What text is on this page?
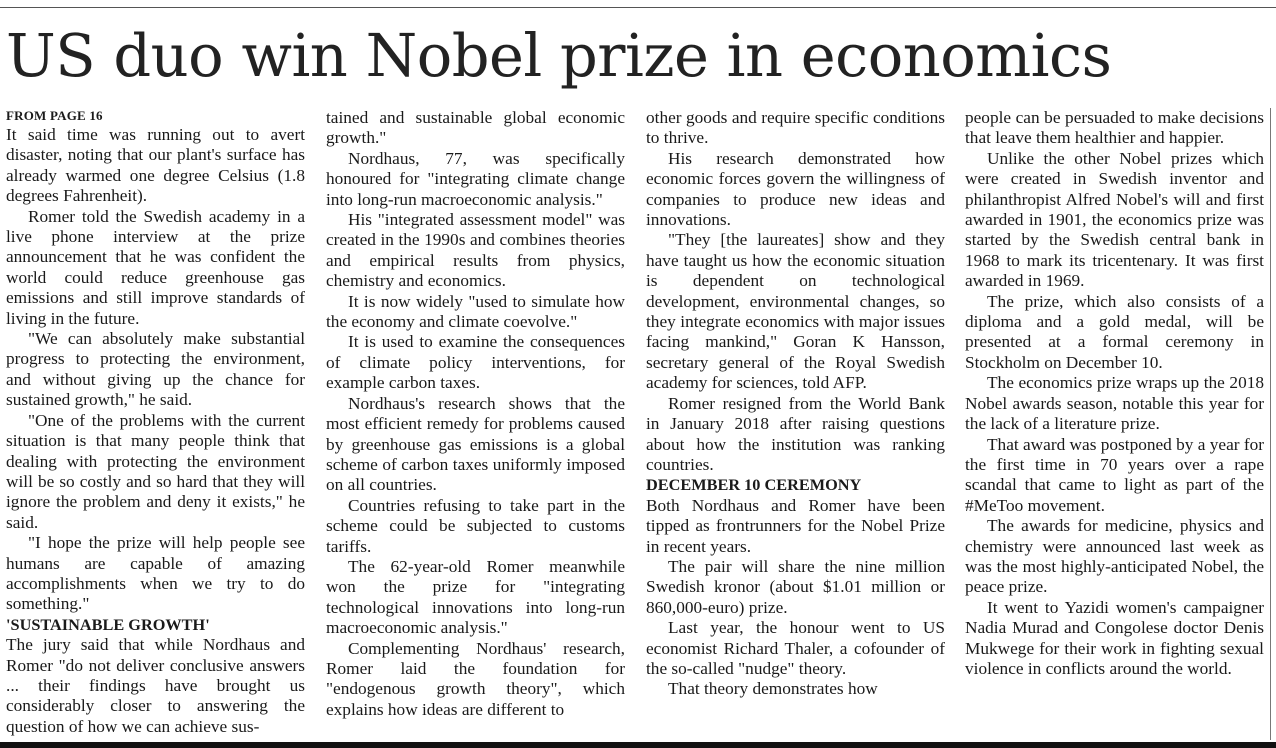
US duo win Nobel prize in economics

FROM PAGE 16

It said time was running out to avert disaster, noting that our plant's surface has already warmed one degree Celsius (1.8 degrees Fahrenheit).

Romer told the Swedish academy in a live phone interview at the prize announcement that he was confident the world could reduce greenhouse gas emissions and still improve standards of living in the future.

"We can absolutely make substantial progress to protecting the environment, and without giving up the chance for sustained growth," he said.

"One of the problems with the current situation is that many people think that dealing with protecting the environment will be so costly and so hard that they will ignore the problem and deny it exists," he said.

"I hope the prize will help people see humans are capable of amazing accomplishments when we try to do something."

'SUSTAINABLE GROWTH'

The jury said that while Nordhaus and Romer "do not deliver conclusive answers ... their findings have brought us considerably closer to answering the question of how we can achieve sus-

tained and sustainable global economic growth."

Nordhaus, 77, was specifically honoured for "integrating climate change into long-run macroeconomic analysis."

His "integrated assessment model" was created in the 1990s and combines theories and empirical results from physics, chemistry and economics.

It is now widely "used to simulate how the economy and climate coevolve."

It is used to examine the consequences of climate policy interventions, for example carbon taxes.

Nordhaus's research shows that the most efficient remedy for problems caused by greenhouse gas emissions is a global scheme of carbon taxes uniformly imposed on all countries.

Countries refusing to take part in the scheme could be subjected to customs tariffs.

The 62-year-old Romer meanwhile won the prize for "integrating technological innovations into long-run macroeconomic analysis."

Complementing Nordhaus' research, Romer laid the foundation for "endogenous growth theory", which explains how ideas are different to

other goods and require specific conditions to thrive.

His research demonstrated how economic forces govern the willingness of companies to produce new ideas and innovations.

"They [the laureates] show and they have taught us how the economic situation is dependent on technological development, environmental changes, so they integrate economics with major issues facing mankind," Goran K Hansson, secretary general of the Royal Swedish academy for sciences, told AFP.

Romer resigned from the World Bank in January 2018 after raising questions about how the institution was ranking countries.

DECEMBER 10 CEREMONY

Both Nordhaus and Romer have been tipped as frontrunners for the Nobel Prize in recent years.

The pair will share the nine million Swedish kronor (about $1.01 million or 860,000-euro) prize.

Last year, the honour went to US economist Richard Thaler, a cofounder of the so-called "nudge" theory.

That theory demonstrates how

people can be persuaded to make decisions that leave them healthier and happier.

Unlike the other Nobel prizes which were created in Swedish inventor and philanthropist Alfred Nobel's will and first awarded in 1901, the economics prize was started by the Swedish central bank in 1968 to mark its tricentenary. It was first awarded in 1969.

The prize, which also consists of a diploma and a gold medal, will be presented at a formal ceremony in Stockholm on December 10.

The economics prize wraps up the 2018 Nobel awards season, notable this year for the lack of a literature prize.

That award was postponed by a year for the first time in 70 years over a rape scandal that came to light as part of the #MeToo movement.

The awards for medicine, physics and chemistry were announced last week as was the most highly-anticipated Nobel, the peace prize.

It went to Yazidi women's campaigner Nadia Murad and Congolese doctor Denis Mukwege for their work in fighting sexual violence in conflicts around the world.
